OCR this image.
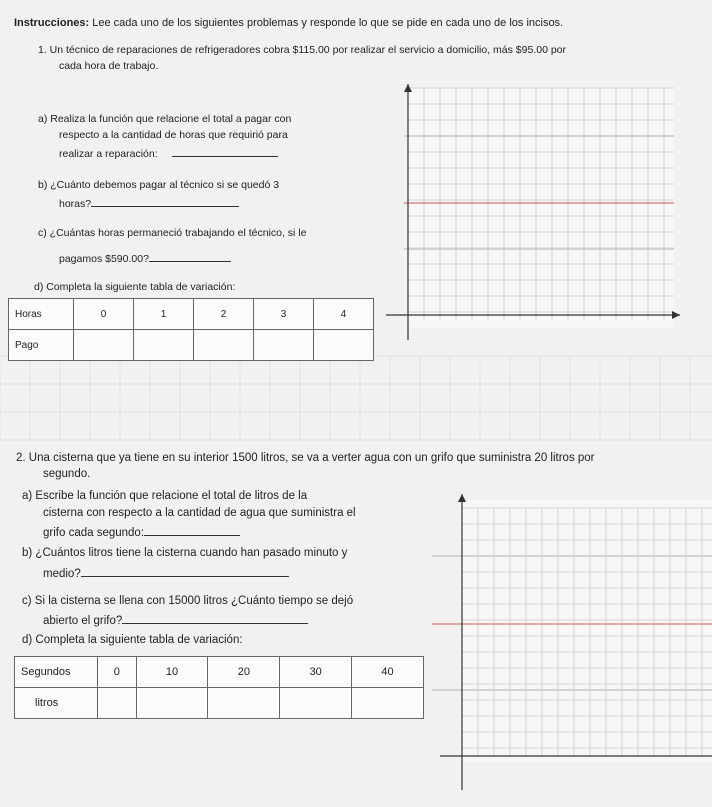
Instrucciones: Lee cada uno de los siguientes problemas y responde lo que se pide en cada uno de los incisos.
1. Un técnico de reparaciones de refrigeradores cobra $115.00 por realizar el servicio a domicilio, más $95.00 por
cada hora de trabajo.
a) Realiza la función que relacione el total a pagar con
respecto a la cantidad de horas que requirió para
realizar a reparación:
b) ¿Cuánto debemos pagar al técnico si se quedó 3
horas?
c) ¿Cuántas horas permaneció trabajando el técnico, si le
pagamos $590.00?
d) Completa la siguiente tabla de variación:
Horas	0	1	2	3	4
Pago					
2. Una cisterna que ya tiene en su interior 1500 litros, se va a verter agua con un grifo que suministra 20 litros por
segundo.
a) Escribe la función que relacione el total de litros de la
cisterna con respecto a la cantidad de agua que suministra el
grifo cada segundo:
b) ¿Cuántos litros tiene la cisterna cuando han pasado minuto y
medio?
c) Si la cisterna se llena con 15000 litros ¿Cuánto tiempo se dejó
abierto el grifo?
d) Completa la siguiente tabla de variación:
Segundos	0	10	20	30	40
litros					
